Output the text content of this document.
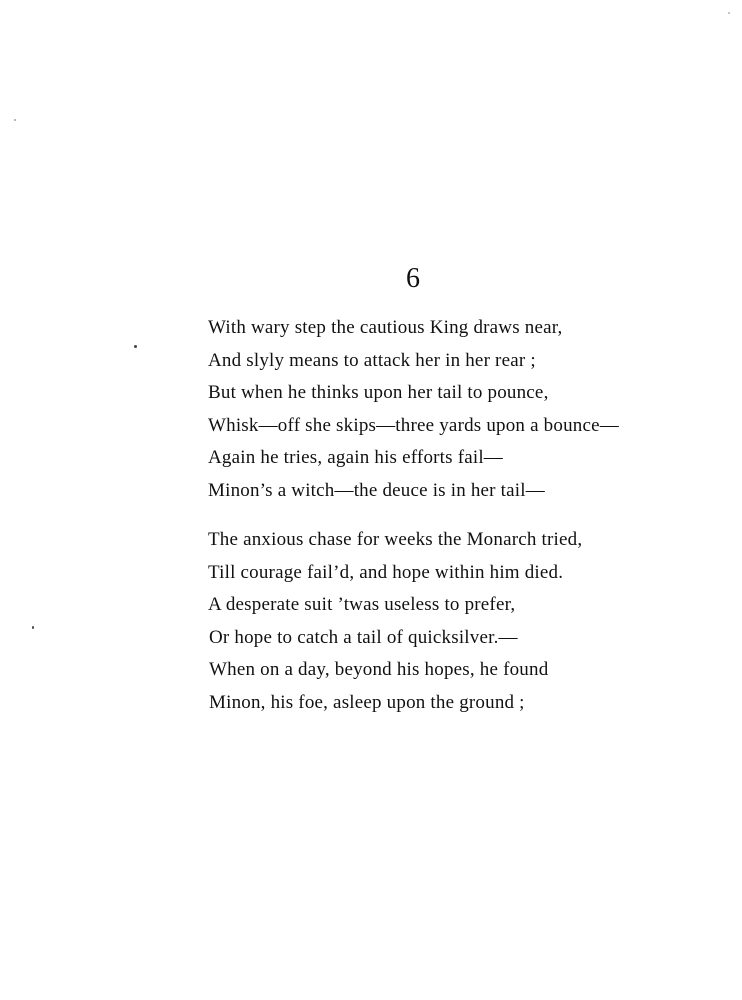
6
With wary step the cautious King draws near,
And slyly means to attack her in her rear ;
But when he thinks upon her tail to pounce,
Whisk—off she skips—three yards upon a bounce—
Again he tries, again his efforts fail—
Minon’s a witch—the deuce is in her tail—
The anxious chase for weeks the Monarch tried,
Till courage fail’d, and hope within him died.
A desperate suit ’twas useless to prefer,
Or hope to catch a tail of quicksilver.—
When on a day, beyond his hopes, he found
Minon, his foe, asleep upon the ground ;
